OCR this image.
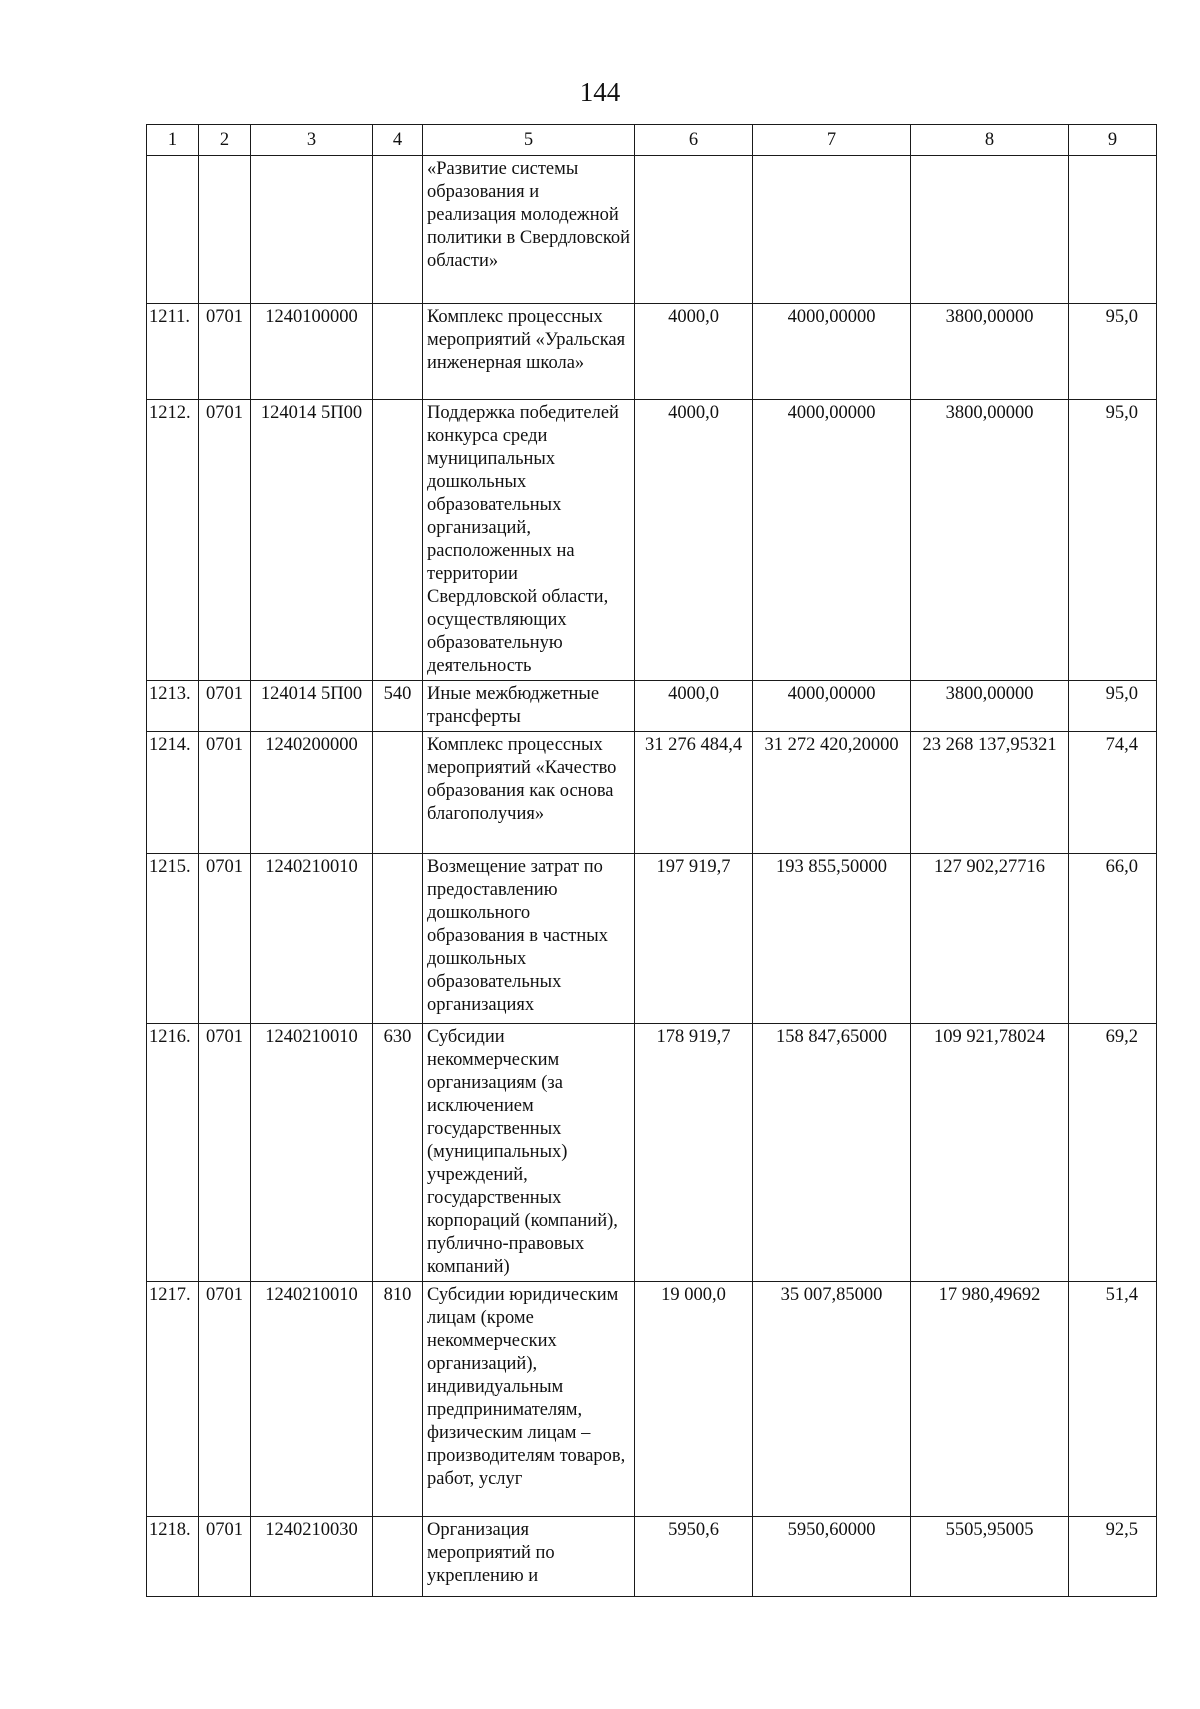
144
1	2	3	4	5	6	7	8	9
				«Развитие системы образования и реализация молодежной политики в Свердловской области»				
1211.	0701	1240100000		Комплекс процессных мероприятий «Уральская инженерная школа»	4000,0	4000,00000	3800,00000	95,0
1212.	0701	124014 5П00		Поддержка победителей конкурса среди муниципальных дошкольных образовательных организаций, расположенных на территории Свердловской области, осуществляющих образовательную деятельность	4000,0	4000,00000	3800,00000	95,0
1213.	0701	124014 5П00	540	Иные межбюджетные трансферты	4000,0	4000,00000	3800,00000	95,0
1214.	0701	1240200000		Комплекс процессных мероприятий «Качество образования как основа благополучия»	31 276 484,4	31 272 420,20000	23 268 137,95321	74,4
1215.	0701	1240210010		Возмещение затрат по предоставлению дошкольного образования в частных дошкольных образовательных организациях	197 919,7	193 855,50000	127 902,27716	66,0
1216.	0701	1240210010	630	Субсидии некоммерческим организациям (за исключением государственных (муниципальных) учреждений, государственных корпораций (компаний), публично-правовых компаний)	178 919,7	158 847,65000	109 921,78024	69,2
1217.	0701	1240210010	810	Субсидии юридическим лицам (кроме некоммерческих организаций), индивидуальным предпринимателям, физическим лицам – производителям товаров, работ, услуг	19 000,0	35 007,85000	17 980,49692	51,4
1218.	0701	1240210030		Организация мероприятий по укреплению и	5950,6	5950,60000	5505,95005	92,5
